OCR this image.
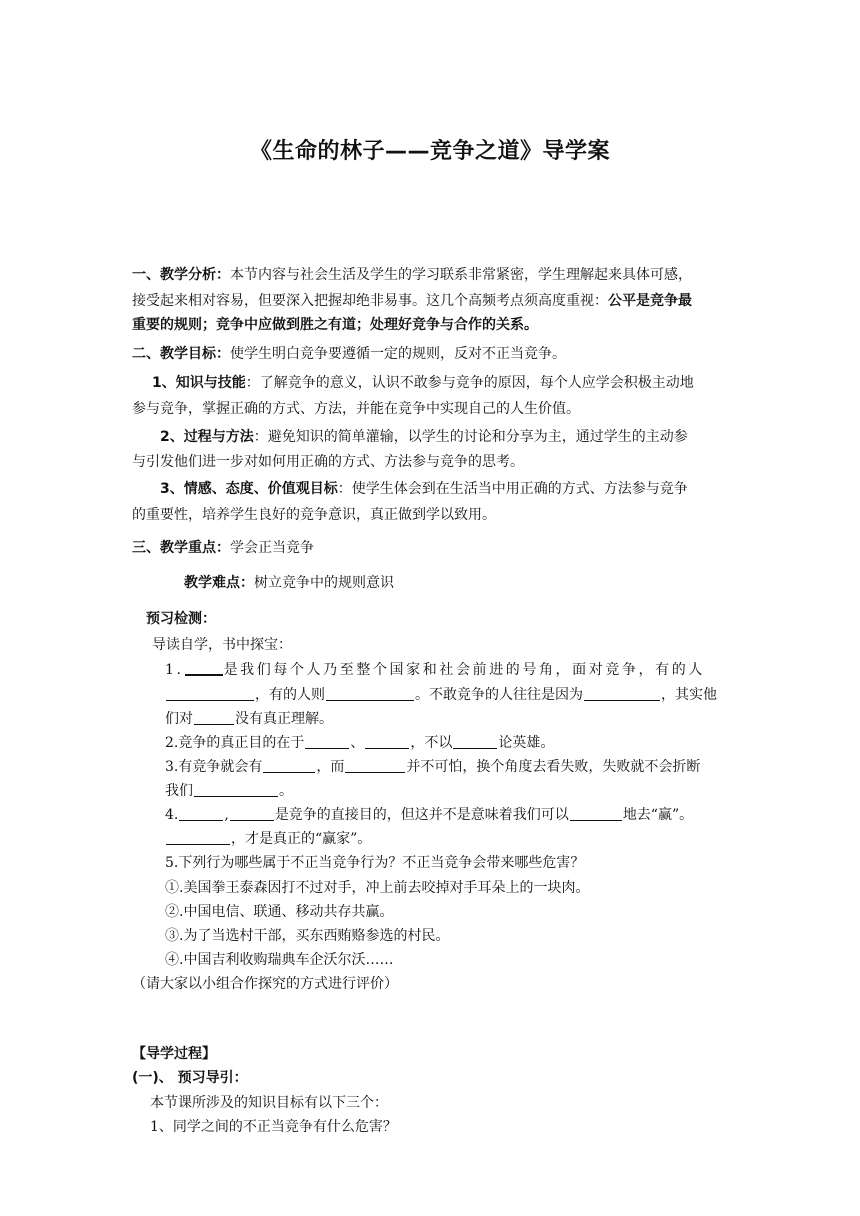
《生命的林子——竞争之道》导学案
一、教学分析：本节内容与社会生活及学生的学习联系非常紧密，学生理解起来具体可感，
接受起来相对容易，但要深入把握却绝非易事。这几个高频考点须高度重视：公平是竞争最
重要的规则；竞争中应做到胜之有道；处理好竞争与合作的关系。
二、教学目标：使学生明白竞争要遵循一定的规则，反对不正当竞争。
1、知识与技能：了解竞争的意义，认识不敢参与竞争的原因，每个人应学会积极主动地
参与竞争，掌握正确的方式、方法，并能在竞争中实现自己的人生价值。
2、过程与方法：避免知识的简单灌输，以学生的讨论和分享为主，通过学生的主动参
与引发他们进一步对如何用正确的方式、方法参与竞争的思考。
3、情感、态度、价值观目标：使学生体会到在生活当中用正确的方式、方法参与竞争
的重要性，培养学生良好的竞争意识，真正做到学以致用。
三、教学重点：学会正当竞争
教学难点：树立竞争中的规则意识
预习检测：
导读自学，书中探宝：
1.	是我们每个人乃至整个国家和社会前进的号角，面对竞争，有的人
，有的人则	。不敢竞争的人往往是因为	，其实他
们对	没有真正理解。
2.竞争的真正目的在于	、	，不以	论英雄。
3.有竞争就会有	，而	并不可怕，换个角度去看失败，失败就不会折断
我们	。
4.	,	是竞争的直接目的，但这并不是意味着我们可以	地去“赢”。
，才是真正的“赢家”。
5.下列行为哪些属于不正当竞争行为？不正当竞争会带来哪些危害？
①.美国拳王泰森因打不过对手，冲上前去咬掉对手耳朵上的一块肉。
②.中国电信、联通、移动共存共赢。
③.为了当选村干部，买东西贿赂参选的村民。
④.中国吉利收购瑞典车企沃尔沃……
（请大家以小组合作探究的方式进行评价）
【导学过程】
(一)、 预习导引：
本节课所涉及的知识目标有以下三个：
1、同学之间的不正当竞争有什么危害？
